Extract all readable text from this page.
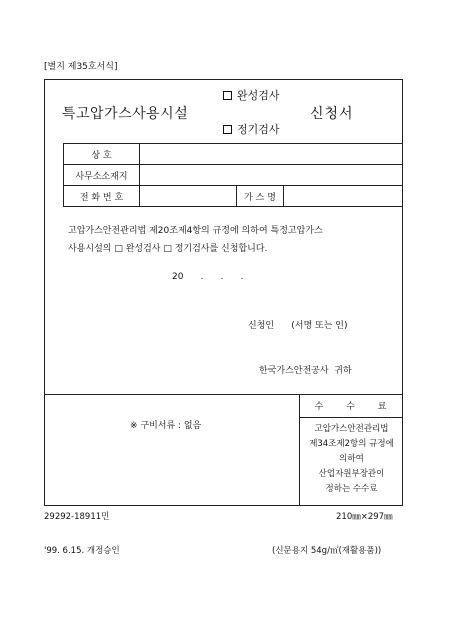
[별지 제35호서식]
특고압가스사용시설
완성검사
정기검사
신청서
상 호			
사무소소재지			
전 화 번 호		가 스 명	
고압가스안전관리법 제20조제4항의 규정에 의하여 특정고압가스
사용시설의 □ 완성검사 □ 정기검사를 신청합니다.
20      .      .      .
신청인      (서명 또는 인)
한국가스안전공사  귀하
※ 구비서류 : 없음
수 수 료
고압가스안전관리법
제34조제2항의 규정에
의하여
산업자원부장관이
정하는 수수료
29292-18911민
'99. 6.15. 개정승인
210㎜×297㎜
(신문용지 54g/㎡(재활용품))
